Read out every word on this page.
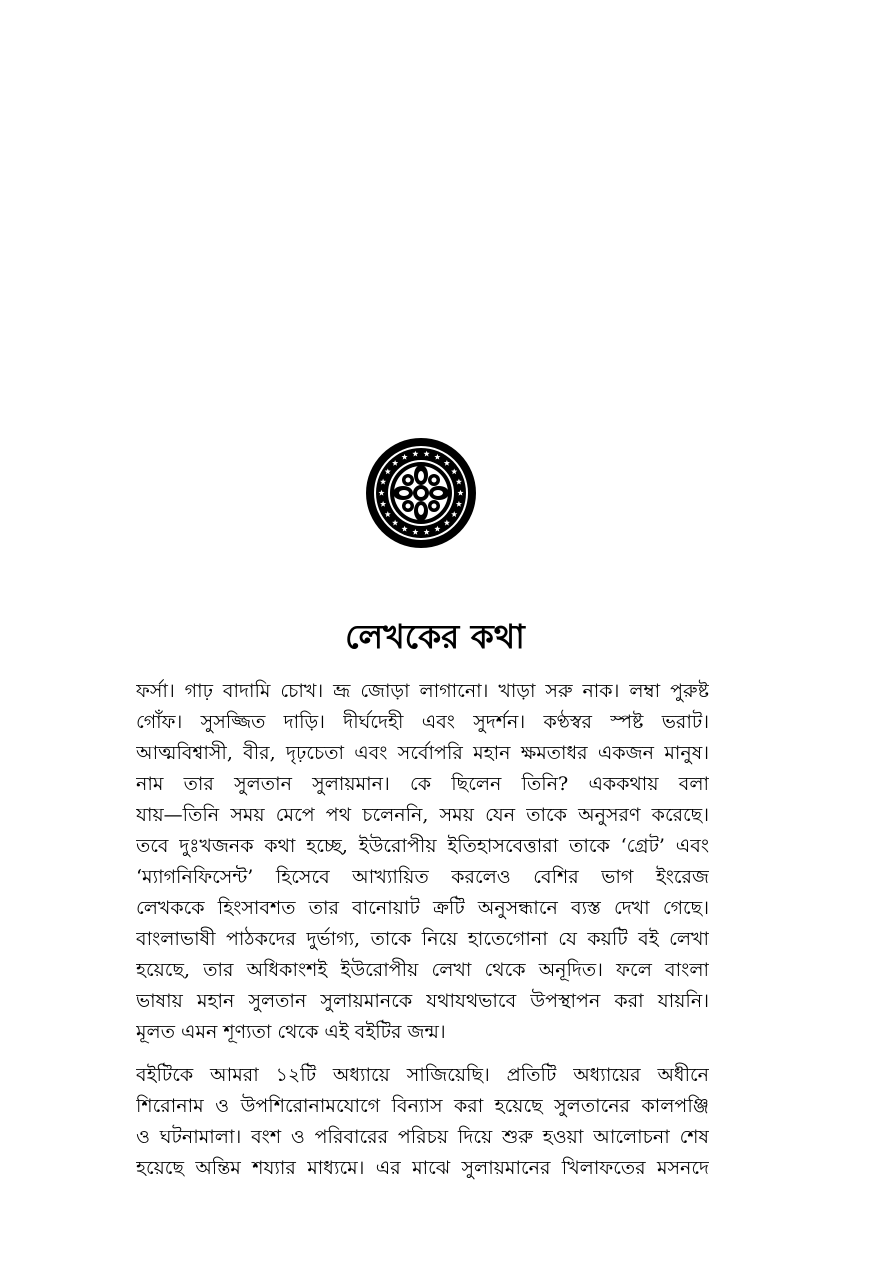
লেখকের কথা
ফর্সা। গাঢ় বাদামি চোখ। ভ্রূ জোড়া লাগানো। খাড়া সরু নাক। লম্বা পুরুষ্ট
গোঁফ। সুসজ্জিত দাড়ি। দীর্ঘদেহী এবং সুদর্শন। কণ্ঠস্বর স্পষ্ট ভরাট।
আত্মবিশ্বাসী, বীর, দৃঢ়চেতা এবং সর্বোপরি মহান ক্ষমতাধর একজন মানুষ।
নাম তার সুলতান সুলায়মান। কে ছিলেন তিনি? এককথায় বলা
যায়—তিনি সময় মেপে পথ চলেননি, সময় যেন তাকে অনুসরণ করেছে।
তবে দুঃখজনক কথা হচ্ছে, ইউরোপীয় ইতিহাসবেত্তারা তাকে ‘গ্রেট’ এবং
‘ম্যাগনিফিসেন্ট’ হিসেবে আখ্যায়িত করলেও বেশির ভাগ ইংরেজ
লেখককে হিংসাবশত তার বানোয়াট ক্রটি অনুসন্ধানে ব্যস্ত দেখা গেছে।
বাংলাভাষী পাঠকদের দুর্ভাগ্য, তাকে নিয়ে হাতেগোনা যে কয়টি বই লেখা
হয়েছে, তার অধিকাংশই ইউরোপীয় লেখা থেকে অনূদিত। ফলে বাংলা
ভাষায় মহান সুলতান সুলায়মানকে যথাযথভাবে উপস্থাপন করা যায়নি।
মূলত এমন শূণ্যতা থেকে এই বইটির জন্ম।
বইটিকে আমরা ১২টি অধ্যায়ে সাজিয়েছি। প্রতিটি অধ্যায়ের অধীনে
শিরোনাম ও উপশিরোনামযোগে বিন্যাস করা হয়েছে সুলতানের কালপঞ্জি
ও ঘটনামালা। বংশ ও পরিবারের পরিচয় দিয়ে শুরু হওয়া আলোচনা শেষ
হয়েছে অন্তিম শয্যার মাধ্যমে। এর মাঝে সুলায়মানের খিলাফতের মসনদে
